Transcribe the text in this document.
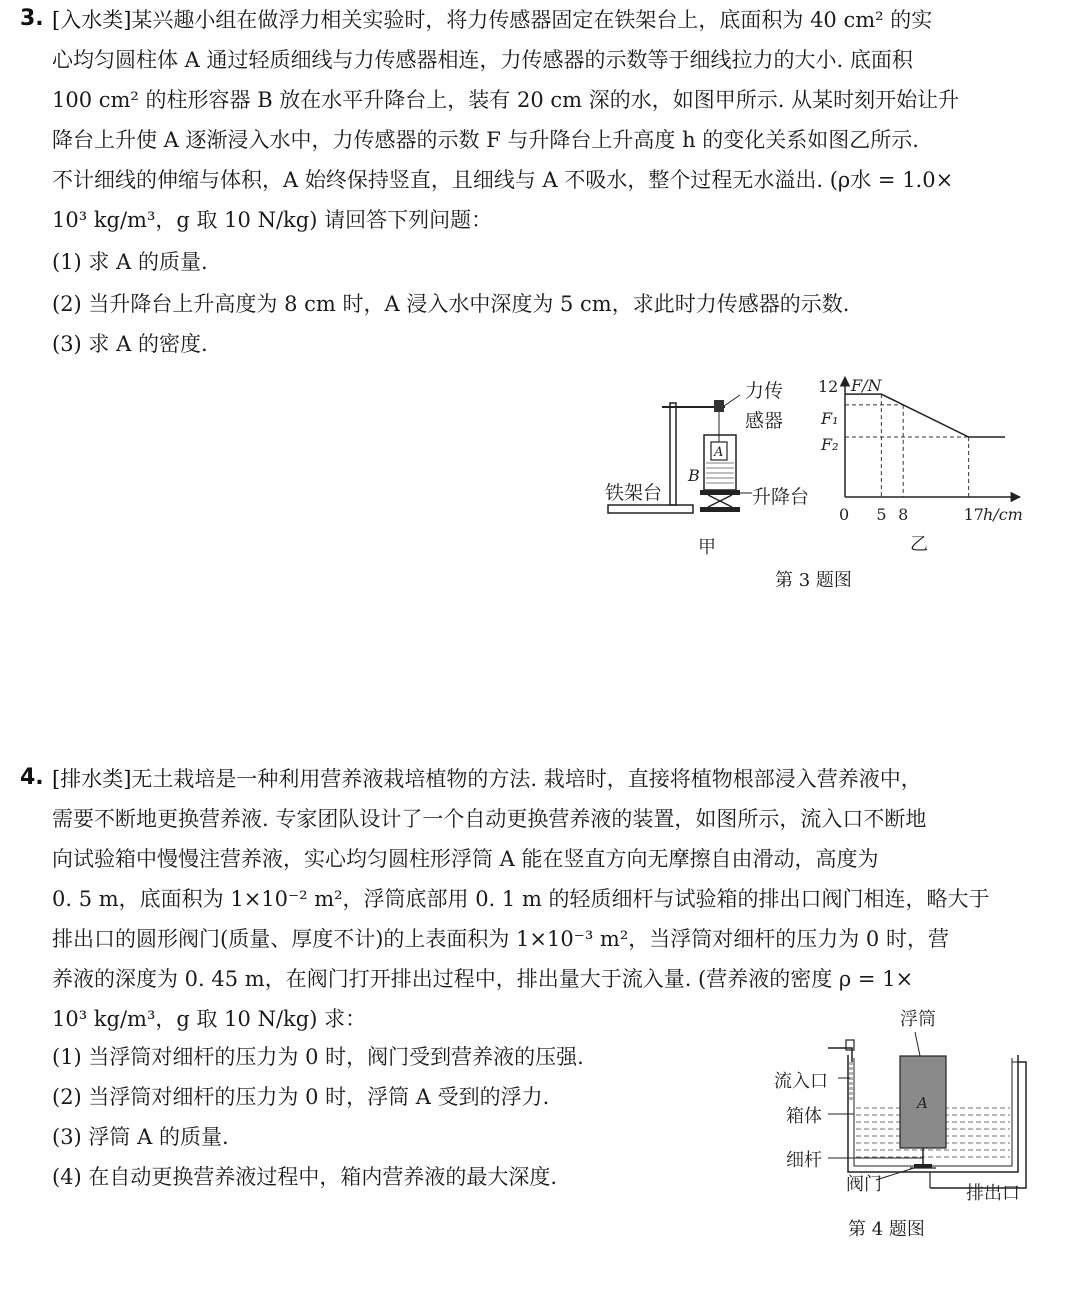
3. [入水类]某兴趣小组在做浮力相关实验时，将力传感器固定在铁架台上，底面积为 40 cm² 的实
心均匀圆柱体 A 通过轻质细线与力传感器相连，力传感器的示数等于细线拉力的大小. 底面积
100 cm² 的柱形容器 B 放在水平升降台上，装有 20 cm 深的水，如图甲所示. 从某时刻开始让升
降台上升使 A 逐渐浸入水中，力传感器的示数 F 与升降台上升高度 h 的变化关系如图乙所示.
不计细线的伸缩与体积，A 始终保持竖直，且细线与 A 不吸水，整个过程无水溢出. (ρ水 = 1.0×
10³ kg/m³，g 取 10 N/kg) 请回答下列问题：
(1) 求 A 的质量.
(2) 当升降台上升高度为 8 cm 时，A 浸入水中深度为 5 cm，求此时力传感器的示数.
(3) 求 A 的密度.
A
力传
感器
B
铁架台	升降台
甲
F/N
12
F₁
F₂
h/cm
0 5 8	17
乙
第 3 题图
4. [排水类]无土栽培是一种利用营养液栽培植物的方法. 栽培时，直接将植物根部浸入营养液中，
需要不断地更换营养液. 专家团队设计了一个自动更换营养液的装置，如图所示，流入口不断地
向试验箱中慢慢注营养液，实心均匀圆柱形浮筒 A 能在竖直方向无摩擦自由滑动，高度为
0. 5 m，底面积为 1×10⁻² m²，浮筒底部用 0. 1 m 的轻质细杆与试验箱的排出口阀门相连，略大于
排出口的圆形阀门(质量、厚度不计)的上表面积为 1×10⁻³ m²，当浮筒对细杆的压力为 0 时，营
养液的深度为 0. 45 m，在阀门打开排出过程中，排出量大于流入量. (营养液的密度 ρ = 1×
10³ kg/m³，g 取 10 N/kg) 求：
(1) 当浮筒对细杆的压力为 0 时，阀门受到营养液的压强.
(2) 当浮筒对细杆的压力为 0 时，浮筒 A 受到的浮力.
(3) 浮筒 A 的质量.
(4) 在自动更换营养液过程中，箱内营养液的最大深度.
A
浮筒
流入口
箱体
细杆
阀门	排出口
第 4 题图
